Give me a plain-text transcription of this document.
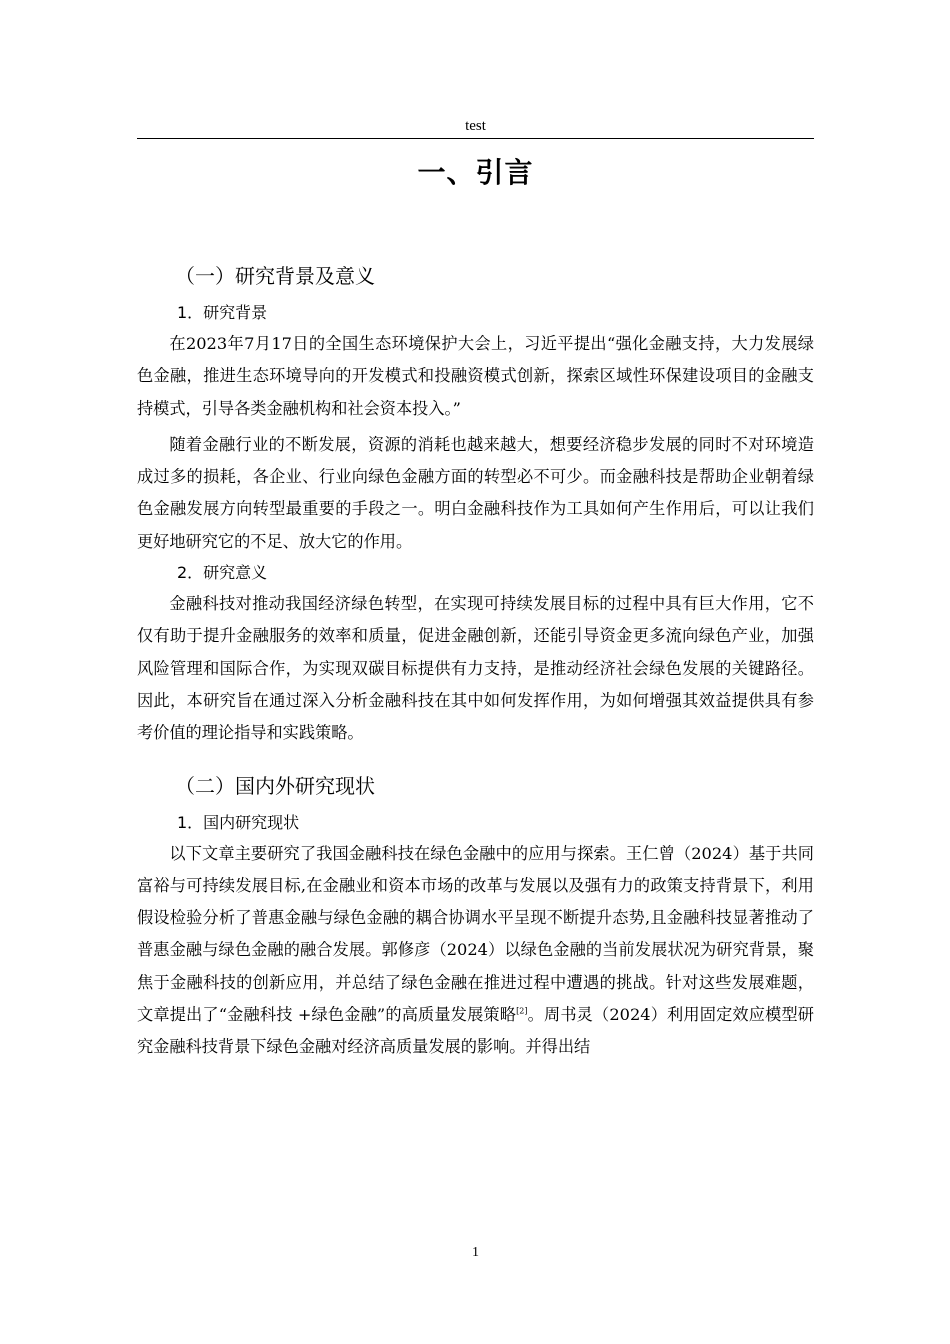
test
一、引言
（一）研究背景及意义
1．研究背景

在2023年7月17日的全国生态环境保护大会上，习近平提出“强化金融支持，大力发展绿色金融，推进生态环境导向的开发模式和投融资模式创新，探索区域性环保建设项目的金融支持模式，引导各类金融机构和社会资本投入。”

随着金融行业的不断发展，资源的消耗也越来越大，想要经济稳步发展的同时不对环境造成过多的损耗，各企业、行业向绿色金融方面的转型必不可少。而金融科技是帮助企业朝着绿色金融发展方向转型最重要的手段之一。明白金融科技作为工具如何产生作用后，可以让我们更好地研究它的不足、放大它的作用。

2．研究意义

金融科技对推动我国经济绿色转型，在实现可持续发展目标的过程中具有巨大作用，它不仅有助于提升金融服务的效率和质量，促进金融创新，还能引导资金更多流向绿色产业，加强风险管理和国际合作，为实现双碳目标提供有力支持，是推动经济社会绿色发展的关键路径。因此，本研究旨在通过深入分析金融科技在其中如何发挥作用，为如何增强其效益提供具有参考价值的理论指导和实践策略。

（二）国内外研究现状
1．国内研究现状

以下文章主要研究了我国金融科技在绿色金融中的应用与探索。王仁曾（2024）基于共同富裕与可持续发展目标,在金融业和资本市场的改革与发展以及强有力的政策支持背景下，利用假设检验分析了普惠金融与绿色金融的耦合协调水平呈现不断提升态势,且金融科技显著推动了普惠金融与绿色金融的融合发展。郭修彦（2024）以绿色金融的当前发展状况为研究背景，聚焦于金融科技的创新应用，并总结了绿色金融在推进过程中遭遇的挑战。针对这些发展难题，文章提出了“金融科技 +绿色金融”的高质量发展策略[2]。周书灵（2024）利用固定效应模型研究金融科技背景下绿色金融对经济高质量发展的影响。并得出结

1
